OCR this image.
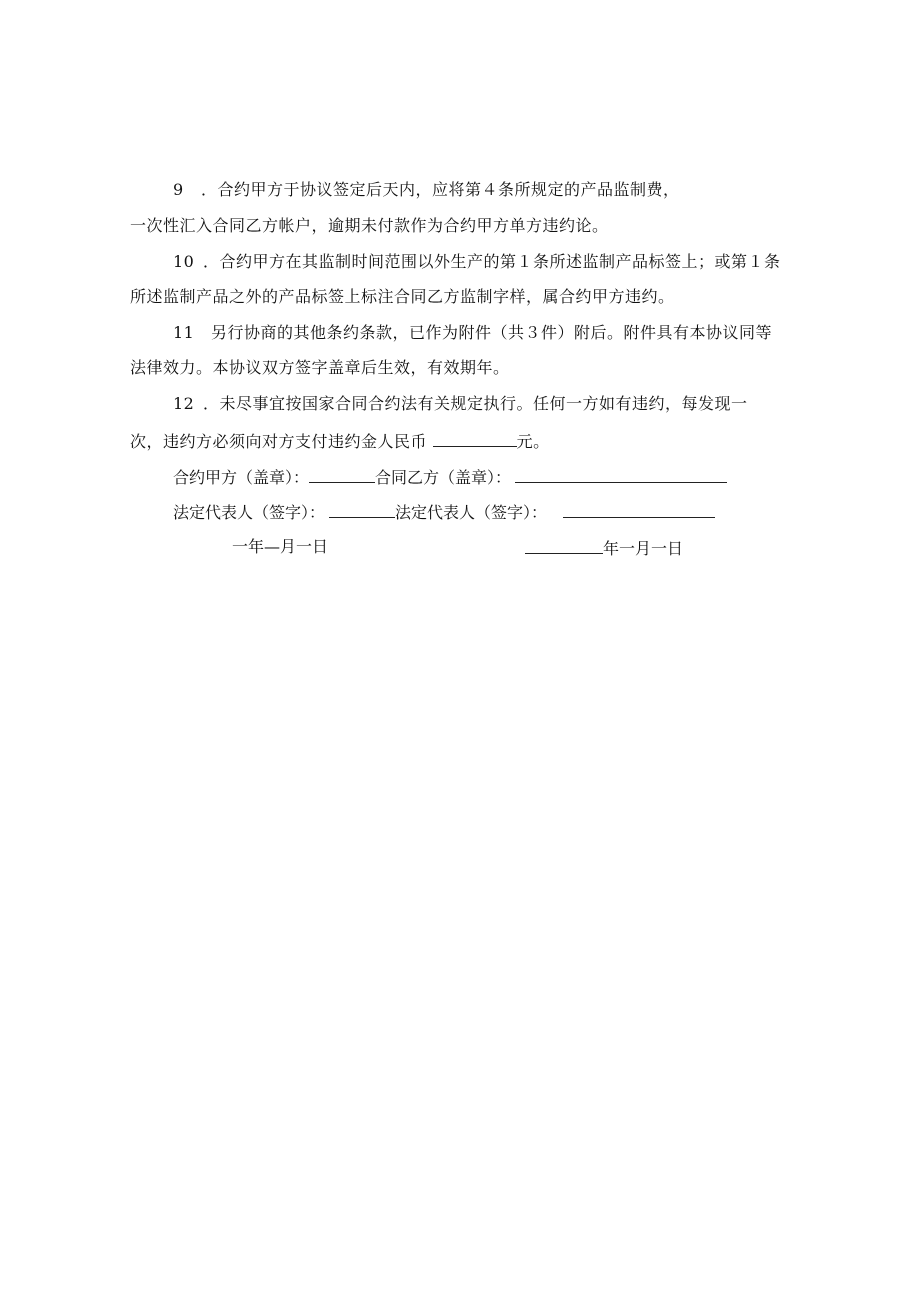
9 ．合约甲方于协议签定后天内，应将第４条所规定的产品监制费，
一次性汇入合同乙方帐户，逾期未付款作为合约甲方单方违约论。
10 ．合约甲方在其监制时间范围以外生产的第１条所述监制产品标签上；或第１条
所述监制产品之外的产品标签上标注合同乙方监制字样，属合约甲方违约。
11 另行协商的其他条约条款，已作为附件（共３件）附后。附件具有本协议同等
法律效力。本协议双方签字盖章后生效，有效期年。
12 ．未尽事宜按国家合同合约法有关规定执行。任何一方如有违约，每发现一
次，违约方必须向对方支付违约金人民币	元。
合约甲方（盖章）：	合同乙方（盖章）：
法定代表人（签字）：	法定代表人（签字）：
一年—月一日	年一月一日
